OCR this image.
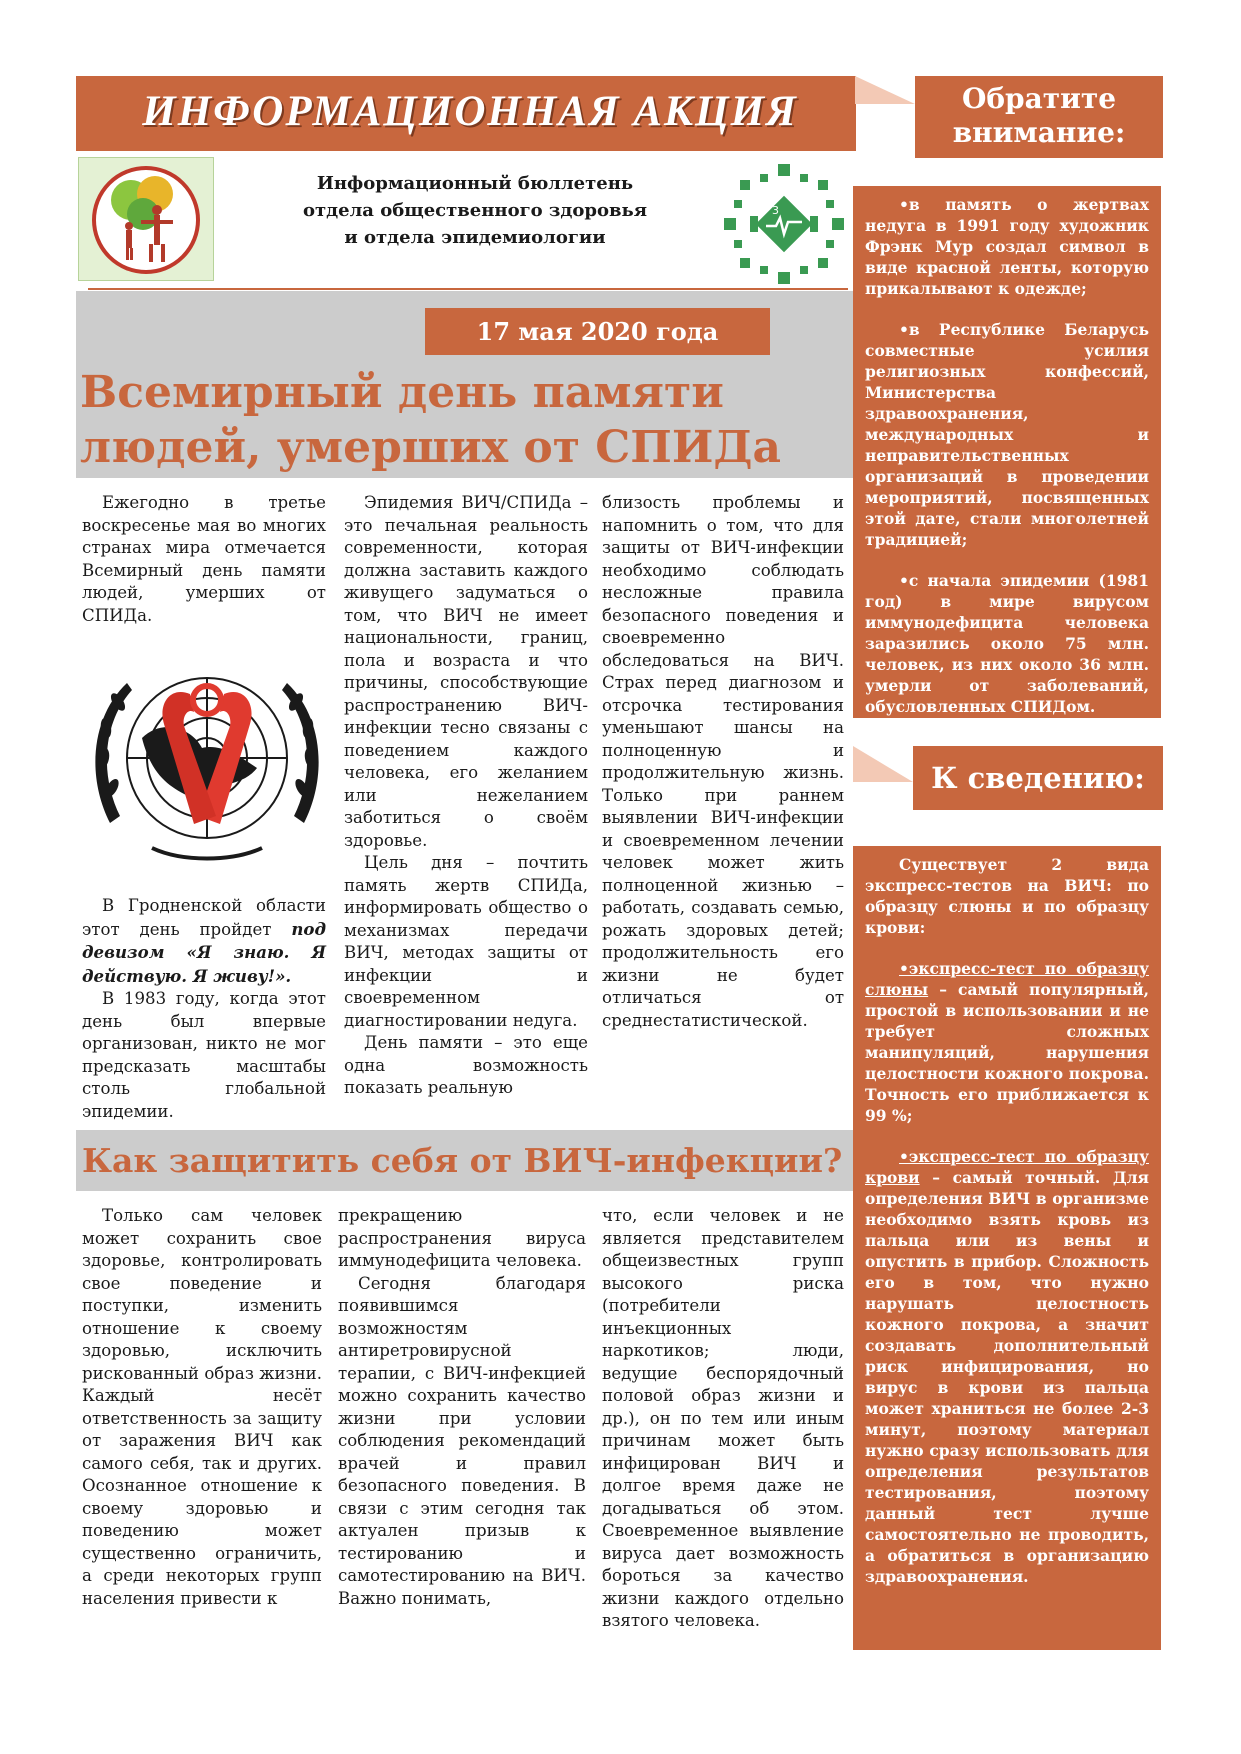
ИНФОРМАЦИОННАЯ АКЦИЯ
Информационный бюллетень
отдела общественного здоровья
и отдела эпидемиологии
3
17 мая 2020 года
Всемирный день памяти
людей, умерших от СПИДа

Ежегодно в третье воскресенье мая во многих странах мира отмечается Всемирный день памяти людей, умерших от СПИДа.

В Гродненской области этот день пройдет под девизом «Я знаю. Я действую. Я живу!».

В 1983 году, когда этот день был впервые организован, никто не мог предсказать масштабы столь глобальной эпидемии.

Эпидемия ВИЧ/СПИДа – это печальная реальность современности, которая должна заставить каждого живущего задуматься о том, что ВИЧ не имеет национальности, границ, пола и возраста и что причины, способствующие распространению ВИЧ-инфекции тесно связаны с поведением каждого человека, его желанием или нежеланием заботиться о своём здоровье.

Цель дня – почтить память жертв СПИДа, информировать общество о механизмах передачи ВИЧ, методах защиты от инфекции и своевременном диагностировании недуга.

День памяти – это еще одна возможность показать реальную

близость проблемы и напомнить о том, что для защиты от ВИЧ-инфекции необходимо соблюдать несложные правила безопасного поведения и своевременно обследоваться на ВИЧ. Страх перед диагнозом и отсрочка тестирования уменьшают шансы на полноценную и продолжительную жизнь. Только при раннем выявлении ВИЧ-инфекции и своевременном лечении человек может жить полноценной жизнью – работать, создавать семью, рожать здоровых детей; продолжительность его жизни не будет отличаться от среднестатистической.

Как защитить себя от ВИЧ-инфекции?

Только сам человек может сохранить свое здоровье, контролировать свое поведение и поступки, изменить отношение к своему здоровью, исключить рискованный образ жизни. Каждый несёт ответственность за защиту от заражения ВИЧ как самого себя, так и других. Осознанное отношение к своему здоровью и поведению может существенно ограничить, а среди некоторых групп населения привести к

прекращению распространения вируса иммунодефицита человека.

Сегодня благодаря появившимся возможностям антиретровирусной терапии, с ВИЧ-инфекцией можно сохранить качество жизни при условии соблюдения рекомендаций врачей и правил безопасного поведения. В связи с этим сегодня так актуален призыв к тестированию и самотестированию на ВИЧ. Важно понимать,

что, если человек и не является представителем общеизвестных групп высокого риска (потребители инъекционных наркотиков; люди, ведущие беспорядочный половой образ жизни и др.), он по тем или иным причинам может быть инфицирован ВИЧ и долгое время даже не догадываться об этом. Своевременное выявление вируса дает возможность бороться за качество жизни каждого отдельно взятого человека.

Обратите
внимание:

•в память о жертвах недуга в 1991 году художник Фрэнк Мур создал символ в виде красной ленты, которую прикалывают к одежде;

•в Республике Беларусь совместные усилия религиозных конфессий, Министерства здравоохранения, международных и неправительственных организаций в проведении мероприятий, посвященных этой дате, стали многолетней традицией;

•с начала эпидемии (1981 год) в мире вирусом иммунодефицита человека заразились около 75 млн. человек, из них около 36 млн. умерли от заболеваний, обусловленных СПИДом.

К сведению:

Существует 2 вида экспресс-тестов на ВИЧ: по образцу слюны и по образцу крови:

•экспресс-тест по образцу слюны – самый популярный, простой в использовании и не требует сложных манипуляций, нарушения целостности кожного покрова. Точность его приближается к 99 %;

•экспресс-тест по образцу крови – самый точный. Для определения ВИЧ в организме необходимо взять кровь из пальца или из вены и опустить в прибор. Сложность его в том, что нужно нарушать целостность кожного покрова, а значит создавать дополнительный риск инфицирования, но вирус в крови из пальца может храниться не более 2-3 минут, поэтому материал нужно сразу использовать для определения результатов тестирования, поэтому данный тест лучше самостоятельно не проводить, а обратиться в организацию здравоохранения.
